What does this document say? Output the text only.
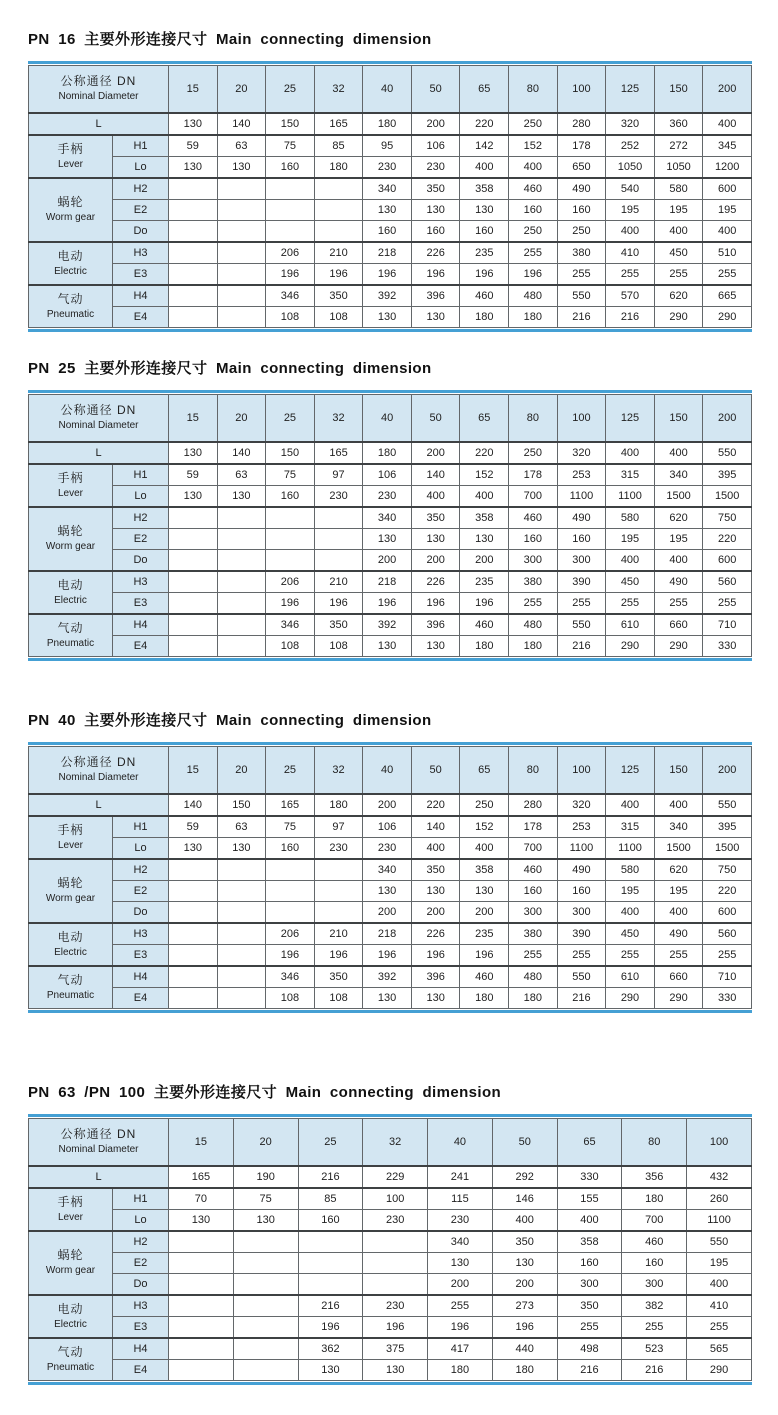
PN 16 主要外形连接尺寸 Main connecting dimension
公称通径 DN
Nominal Diameter		15	20	25	32	40	50	65	80	100	125	150	200
L		130	140	150	165	180	200	220	250	280	320	360	400

手柄
Lever	H1	59	63	75	85	95	106	142	152	178	252	272	345
	Lo	130	130	160	180	230	230	400	400	650	1050	1050	1200

蜗轮
Worm gear	H2					340	350	358	460	490	540	580	600
	E2					130	130	130	160	160	195	195	195
	Do					160	160	160	250	250	400	400	400

电动
Electric	H3			206	210	218	226	235	255	380	410	450	510
	E3			196	196	196	196	196	196	255	255	255	255

气动
Pneumatic	H4			346	350	392	396	460	480	550	570	620	665
	E4			108	108	130	130	180	180	216	216	290	290
PN 25 主要外形连接尺寸 Main connecting dimension
公称通径 DN
Nominal Diameter		15	20	25	32	40	50	65	80	100	125	150	200
L		130	140	150	165	180	200	220	250	320	400	400	550

手柄
Lever	H1	59	63	75	97	106	140	152	178	253	315	340	395
	Lo	130	130	160	230	230	400	400	700	1100	1100	1500	1500

蜗轮
Worm gear	H2					340	350	358	460	490	580	620	750
	E2					130	130	130	160	160	195	195	220
	Do					200	200	200	300	300	400	400	600

电动
Electric	H3			206	210	218	226	235	380	390	450	490	560
	E3			196	196	196	196	196	255	255	255	255	255

气动
Pneumatic	H4			346	350	392	396	460	480	550	610	660	710
	E4			108	108	130	130	180	180	216	290	290	330
PN 40 主要外形连接尺寸 Main connecting dimension
公称通径 DN
Nominal Diameter		15	20	25	32	40	50	65	80	100	125	150	200
L		140	150	165	180	200	220	250	280	320	400	400	550

手柄
Lever	H1	59	63	75	97	106	140	152	178	253	315	340	395
	Lo	130	130	160	230	230	400	400	700	1100	1100	1500	1500

蜗轮
Worm gear	H2					340	350	358	460	490	580	620	750
	E2					130	130	130	160	160	195	195	220
	Do					200	200	200	300	300	400	400	600

电动
Electric	H3			206	210	218	226	235	380	390	450	490	560
	E3			196	196	196	196	196	255	255	255	255	255

气动
Pneumatic	H4			346	350	392	396	460	480	550	610	660	710
	E4			108	108	130	130	180	180	216	290	290	330
PN 63 /PN 100 主要外形连接尺寸 Main connecting dimension
公称通径 DN
Nominal Diameter		15	20	25	32	40	50	65	80	100
L		165	190	216	229	241	292	330	356	432

手柄
Lever	H1	70	75	85	100	115	146	155	180	260
	Lo	130	130	160	230	230	400	400	700	1100

蜗轮
Worm gear	H2					340	350	358	460	550
	E2					130	130	160	160	195
	Do					200	200	300	300	400

电动
Electric	H3			216	230	255	273	350	382	410
	E3			196	196	196	196	255	255	255

气动
Pneumatic	H4			362	375	417	440	498	523	565
	E4			130	130	180	180	216	216	290
